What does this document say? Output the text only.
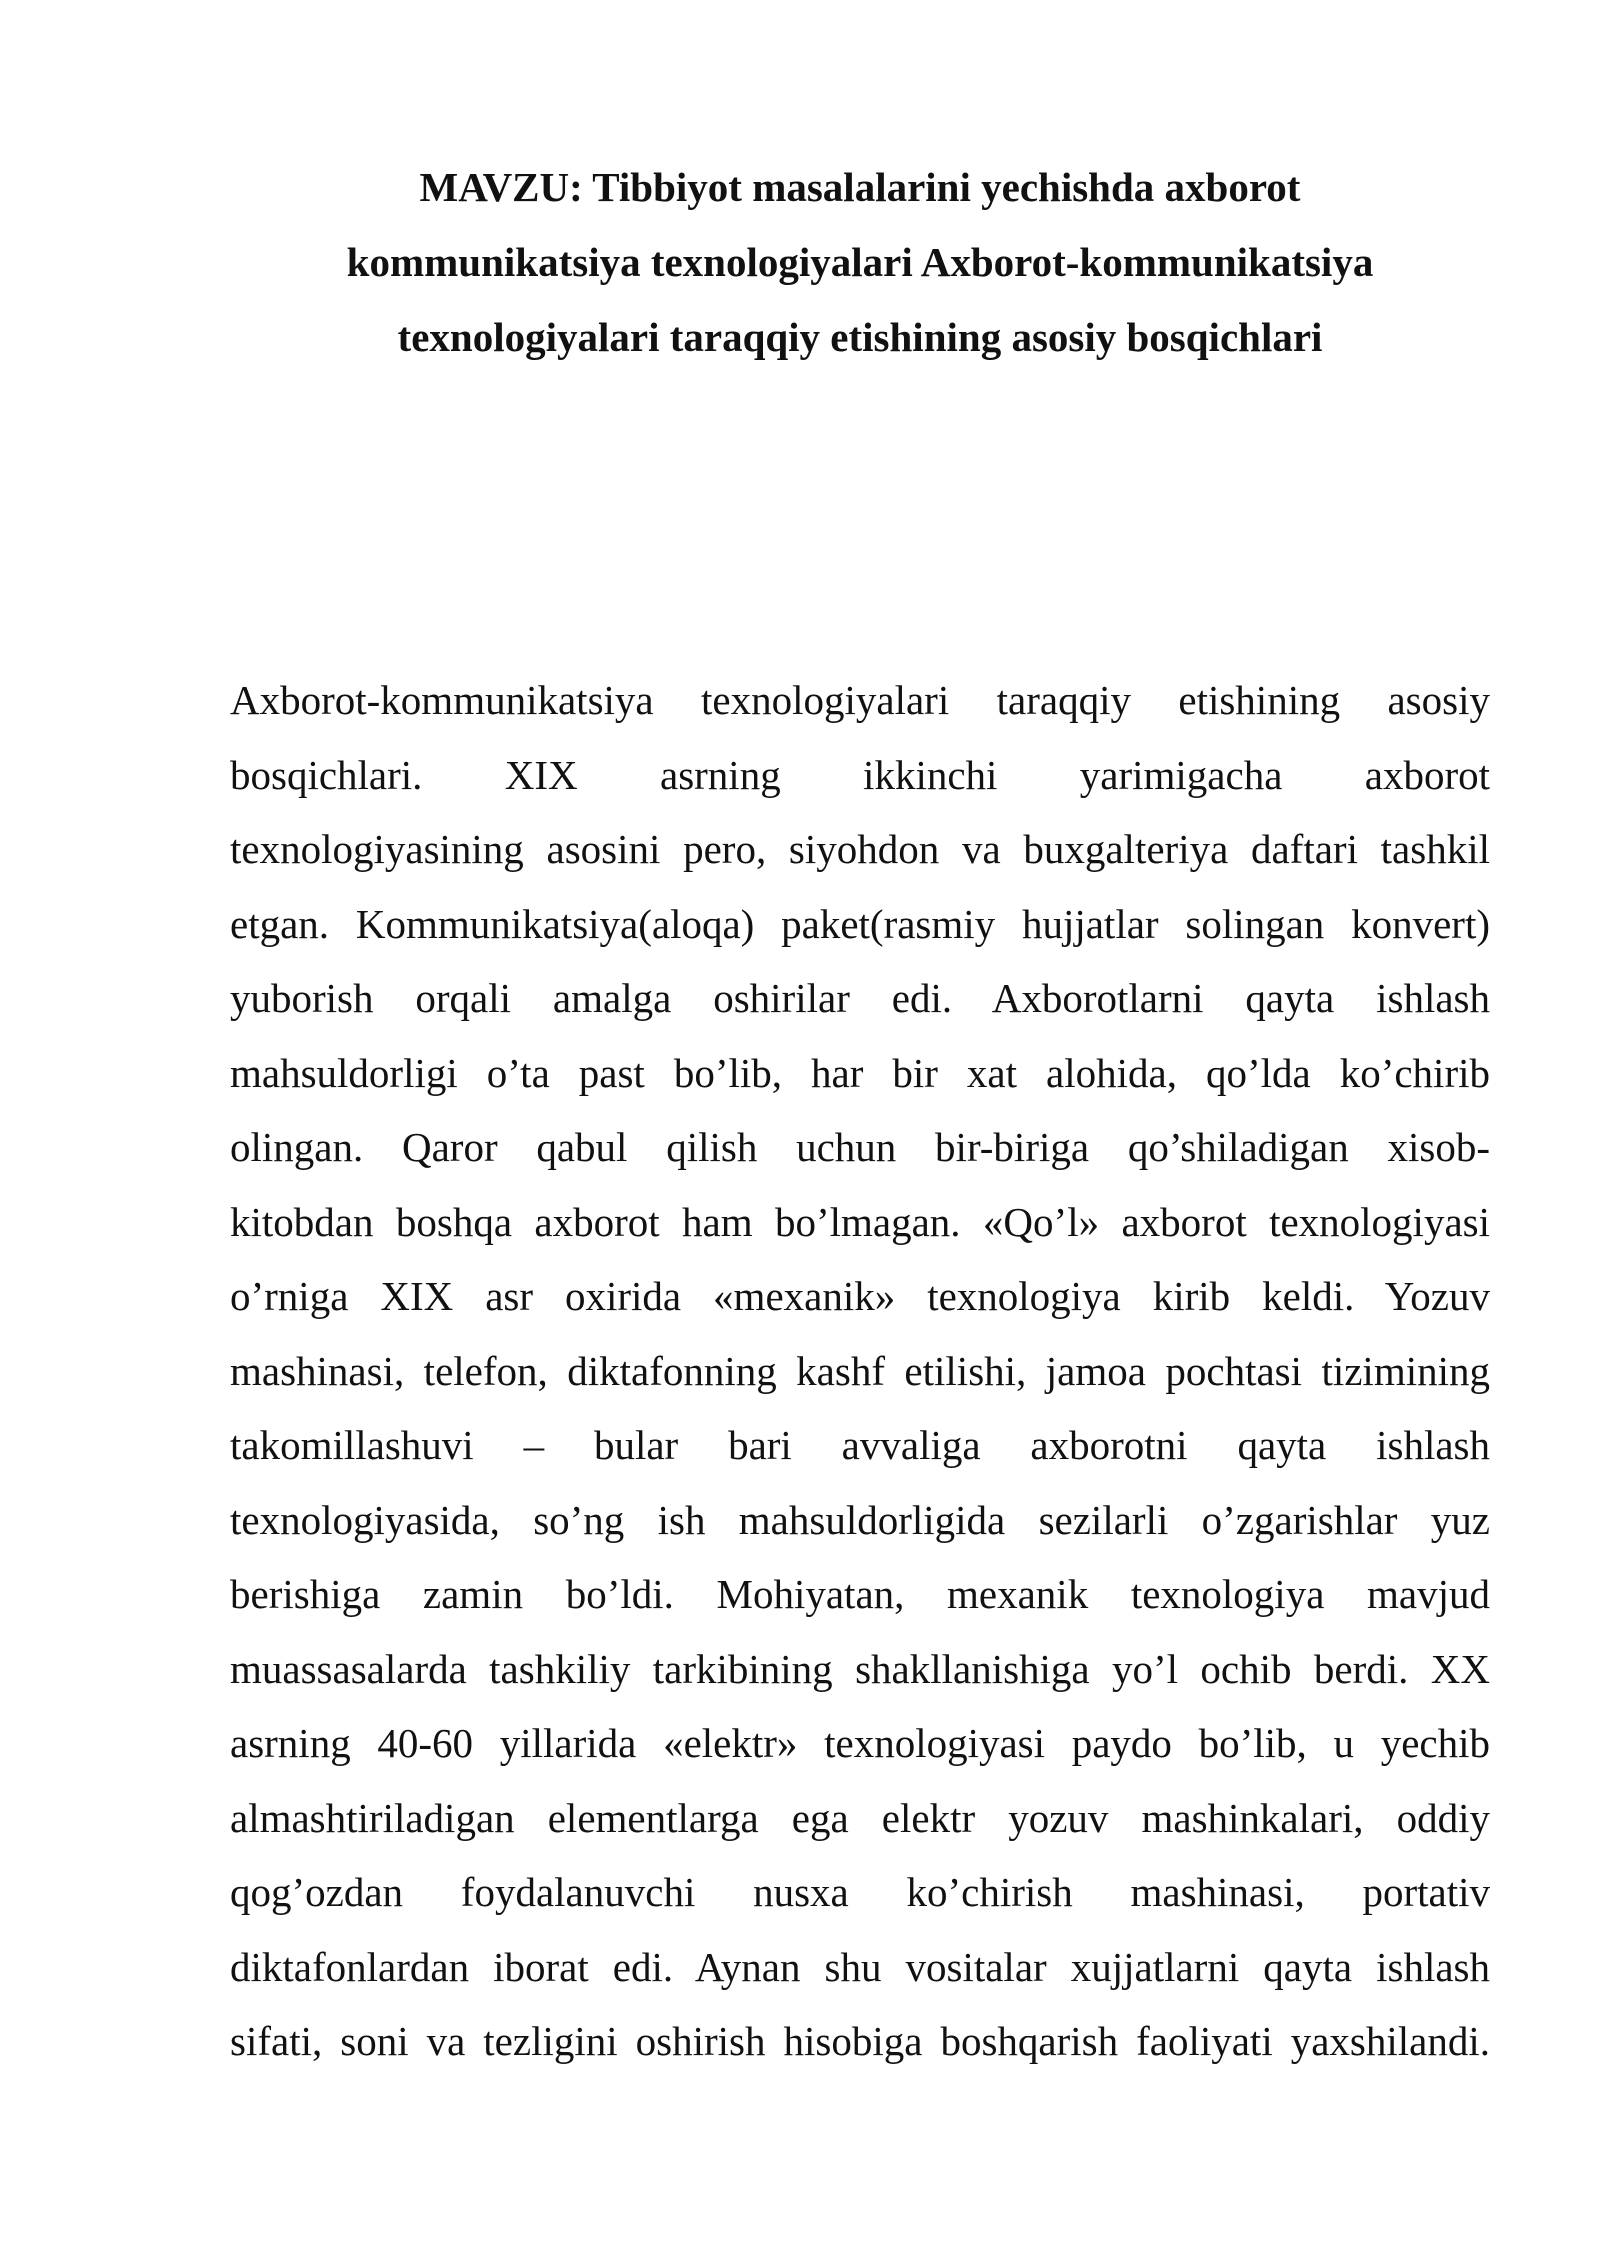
MAVZU: Tibbiyot masalalarini yechishda axborot
kommunikatsiya texnologiyalari Axborot-kommunikatsiya
texnologiyalari taraqqiy etishining asosiy bosqichlari
Axborot-kommunikatsiya texnologiyalari taraqqiy etishining asosiy
bosqichlari. XIX asrning ikkinchi yarimigacha axborot
texnologiyasining asosini pero, siyohdon va buxgalteriya daftari tashkil
etgan. Kommunikatsiya(aloqa) paket(rasmiy hujjatlar solingan konvert)
yuborish orqali amalga oshirilar edi. Axborotlarni qayta ishlash
mahsuldorligi o’ta past bo’lib, har bir xat alohida, qo’lda ko’chirib
olingan. Qaror qabul qilish uchun bir-biriga qo’shiladigan xisob-
kitobdan boshqa axborot ham bo’lmagan. «Qo’l» axborot texnologiyasi
o’rniga XIX asr oxirida «mexanik» texnologiya kirib keldi. Yozuv
mashinasi, telefon, diktafonning kashf etilishi, jamoa pochtasi tizimining
takomillashuvi – bular bari avvaliga axborotni qayta ishlash
texnologiyasida, so’ng ish mahsuldorligida sezilarli o’zgarishlar yuz
berishiga zamin bo’ldi. Mohiyatan, mexanik texnologiya mavjud
muassasalarda tashkiliy tarkibining shakllanishiga yo’l ochib berdi. XX
asrning 40-60 yillarida «elektr» texnologiyasi paydo bo’lib, u yechib
almashtiriladigan elementlarga ega elektr yozuv mashinkalari, oddiy
qog’ozdan foydalanuvchi nusxa ko’chirish mashinasi, portativ
diktafonlardan iborat edi. Aynan shu vositalar xujjatlarni qayta ishlash
sifati, soni va tezligini oshirish hisobiga boshqarish faoliyati yaxshilandi.
